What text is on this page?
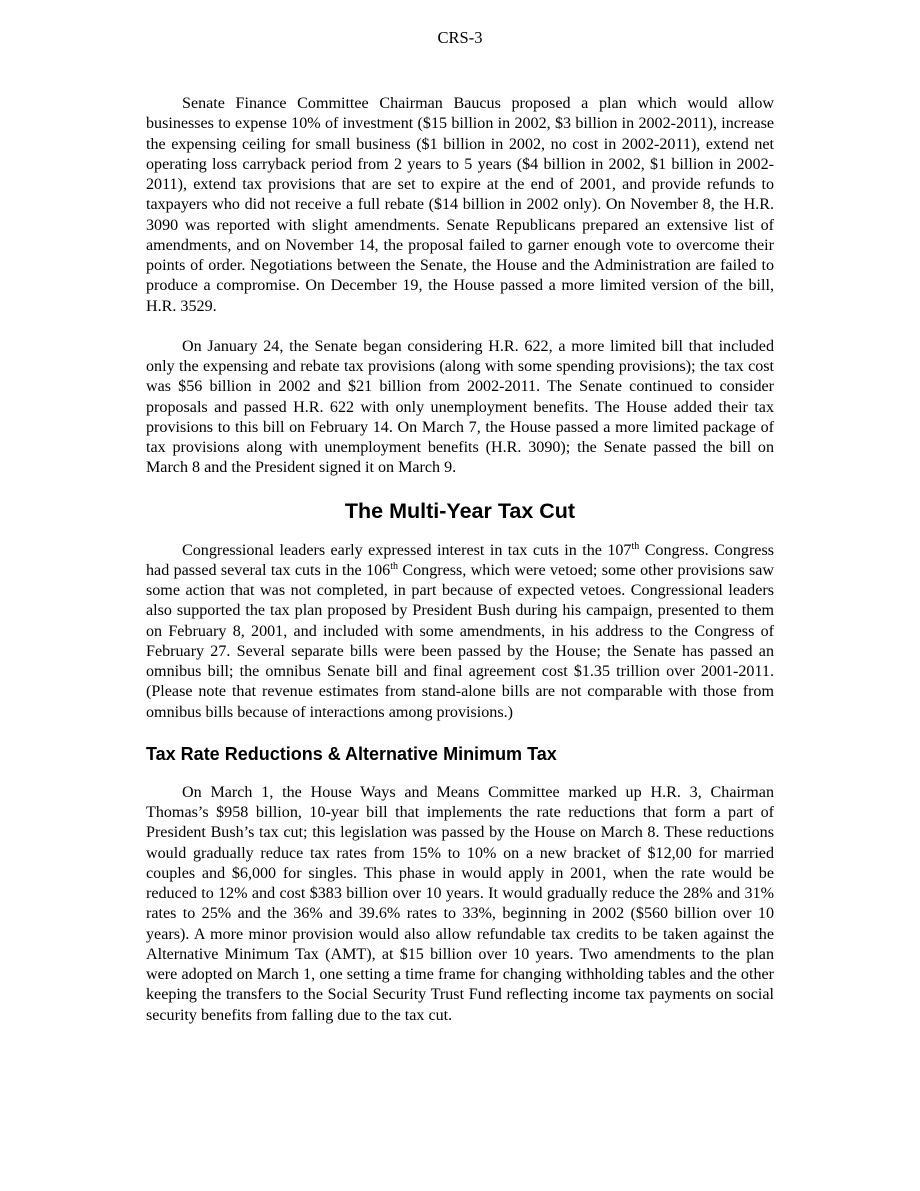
CRS-3

Senate Finance Committee Chairman Baucus proposed a plan which would allow businesses to expense 10% of investment ($15 billion in 2002, $3 billion in 2002-2011), increase the expensing ceiling for small business ($1 billion in 2002, no cost in 2002-2011), extend net operating loss carryback period from 2 years to 5 years ($4 billion in 2002, $1 billion in 2002-2011), extend tax provisions that are set to expire at the end of 2001, and provide refunds to taxpayers who did not receive a full rebate ($14 billion in 2002 only). On November 8, the H.R. 3090 was reported with slight amendments. Senate Republicans prepared an extensive list of amendments, and on November 14, the proposal failed to garner enough vote to overcome their points of order. Negotiations between the Senate, the House and the Administration are failed to produce a compromise. On December 19, the House passed a more limited version of the bill, H.R. 3529.

On January 24, the Senate began considering H.R. 622, a more limited bill that included only the expensing and rebate tax provisions (along with some spending provisions); the tax cost was $56 billion in 2002 and $21 billion from 2002-2011. The Senate continued to consider proposals and passed H.R. 622 with only unemployment benefits. The House added their tax provisions to this bill on February 14. On March 7, the House passed a more limited package of tax provisions along with unemployment benefits (H.R. 3090); the Senate passed the bill on March 8 and the President signed it on March 9.

The Multi-Year Tax Cut

Congressional leaders early expressed interest in tax cuts in the 107th Congress. Congress had passed several tax cuts in the 106th Congress, which were vetoed; some other provisions saw some action that was not completed, in part because of expected vetoes. Congressional leaders also supported the tax plan proposed by President Bush during his campaign, presented to them on February 8, 2001, and included with some amendments, in his address to the Congress of February 27. Several separate bills were been passed by the House; the Senate has passed an omnibus bill; the omnibus Senate bill and final agreement cost $1.35 trillion over 2001-2011. (Please note that revenue estimates from stand-alone bills are not comparable with those from omnibus bills because of interactions among provisions.)

Tax Rate Reductions & Alternative Minimum Tax

On March 1, the House Ways and Means Committee marked up H.R. 3, Chairman Thomas’s $958 billion, 10-year bill that implements the rate reductions that form a part of President Bush’s tax cut; this legislation was passed by the House on March 8. These reductions would gradually reduce tax rates from 15% to 10% on a new bracket of $12,00 for married couples and $6,000 for singles. This phase in would apply in 2001, when the rate would be reduced to 12% and cost $383 billion over 10 years. It would gradually reduce the 28% and 31% rates to 25% and the 36% and 39.6% rates to 33%, beginning in 2002 ($560 billion over 10 years). A more minor provision would also allow refundable tax credits to be taken against the Alternative Minimum Tax (AMT), at $15 billion over 10 years. Two amendments to the plan were adopted on March 1, one setting a time frame for changing withholding tables and the other keeping the transfers to the Social Security Trust Fund reflecting income tax payments on social security benefits from falling due to the tax cut.
